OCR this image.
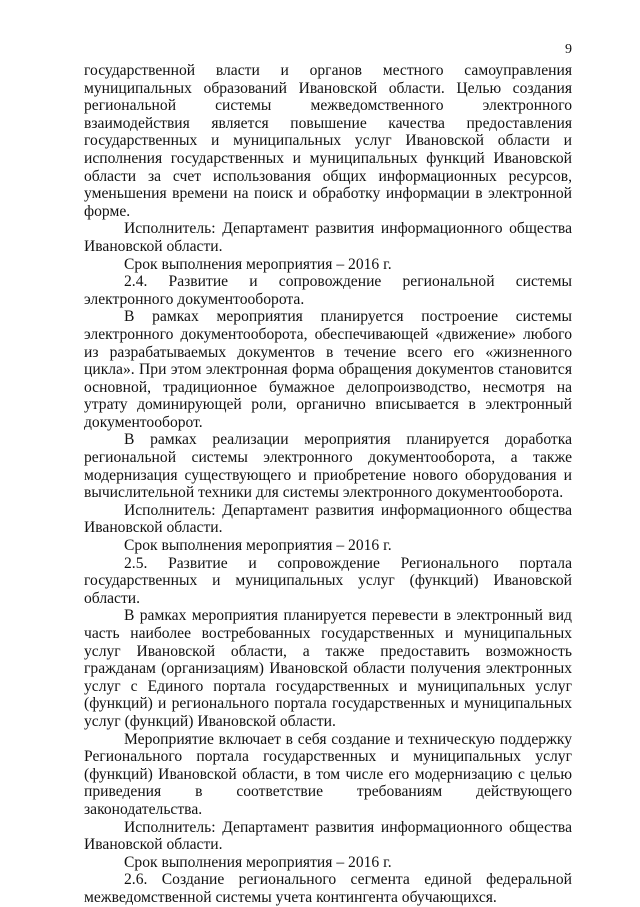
9

государственной власти и органов местного самоуправления муниципальных образований Ивановской области. Целью создания региональной системы межведомственного электронного взаимодействия является повышение качества предоставления государственных и муниципальных услуг Ивановской области и исполнения государственных и муниципальных функций Ивановской области за счет использования общих информационных ресурсов, уменьшения времени на поиск и обработку информации в электронной форме.

Исполнитель: Департамент развития информационного общества Ивановской области.

Срок выполнения мероприятия – 2016 г.

2.4. Развитие и сопровождение региональной системы электронного документооборота.

В рамках мероприятия планируется построение системы электронного документооборота, обеспечивающей «движение» любого из разрабатываемых документов в течение всего его «жизненного цикла». При этом электронная форма обращения документов становится основной, традиционное бумажное делопроизводство, несмотря на утрату доминирующей роли, органично вписывается в электронный документооборот.

В рамках реализации мероприятия планируется доработка региональной системы электронного документооборота, а также модернизация существующего и приобретение нового оборудования и вычислительной техники для системы электронного документооборота.

Исполнитель: Департамент развития информационного общества Ивановской области.

Срок выполнения мероприятия – 2016 г.

2.5. Развитие и сопровождение Регионального портала государственных и муниципальных услуг (функций) Ивановской области.

В рамках мероприятия планируется перевести в электронный вид часть наиболее востребованных государственных и муниципальных услуг Ивановской области, а также предоставить возможность гражданам (организациям) Ивановской области получения электронных услуг с Единого портала государственных и муниципальных услуг (функций) и регионального портала государственных и муниципальных услуг (функций) Ивановской области.

Мероприятие включает в себя создание и техническую поддержку Регионального портала государственных и муниципальных услуг (функций) Ивановской области, в том числе его модернизацию с целью приведения в соответствие требованиям действующего законодательства.

Исполнитель: Департамент развития информационного общества Ивановской области.

Срок выполнения мероприятия – 2016 г.

2.6. Создание регионального сегмента единой федеральной межведомственной системы учета контингента обучающихся.
